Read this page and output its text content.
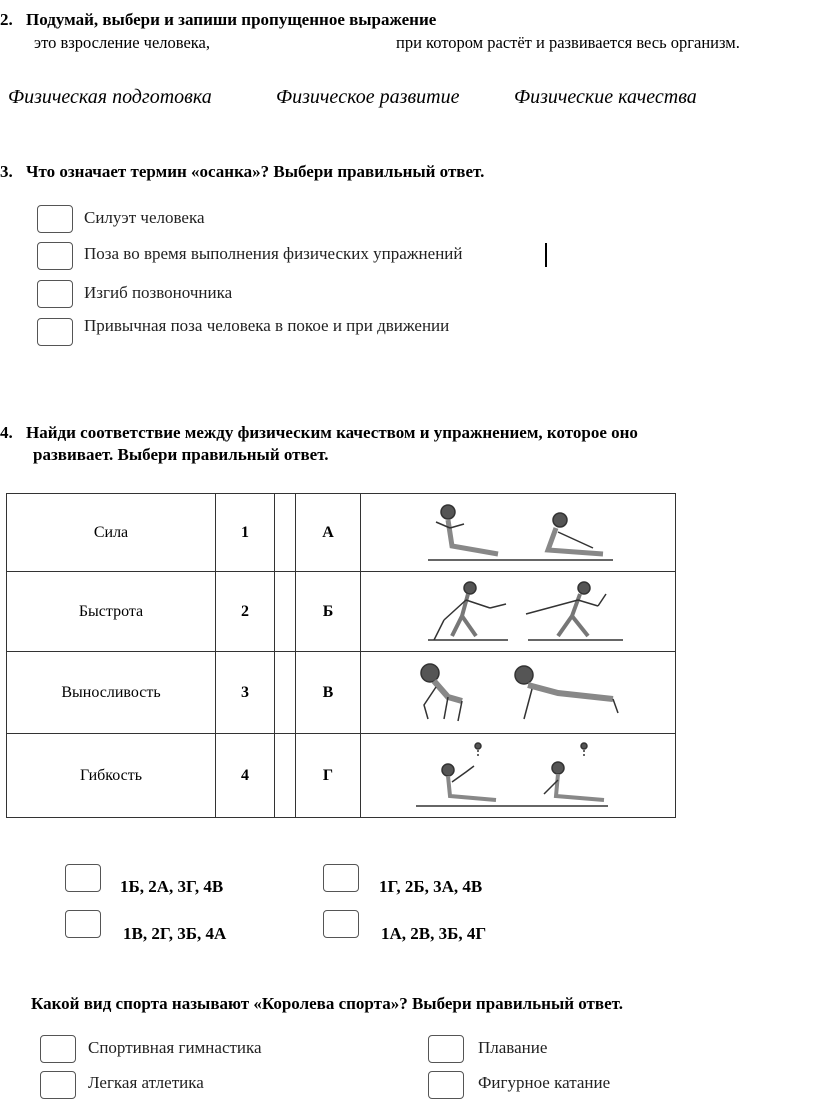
2. Подумай, выбери и запиши пропущенное выражение
это взросление человека,	при котором растёт и развивается весь организм.
Физическая подготовка	Физичеcкое развитие	Физические качества
3. Что означает термин «осанка»? Выбери правильный ответ.
Силуэт человека
Поза во время выполнения физических упражнений
Изгиб позвоночника
Привычная поза человека в покое и при движении
4. Найди соответствие между физическим качеством и упражнением, которое оно
развивает. Выбери правильный ответ.
Сила	1		А	

Быстрота	2		Б	

Выносливость	3		В	

Гибкость	4		Г	
1Б, 2А, 3Г, 4В	1Г, 2Б, 3А, 4В
1В, 2Г, 3Б, 4А	1А, 2В, 3Б, 4Г
Какой вид спорта называют «Королева спорта»? Выбери правильный ответ.
Спортивная гимнастика	Плавание
Легкая атлетика	Фигурное катание
